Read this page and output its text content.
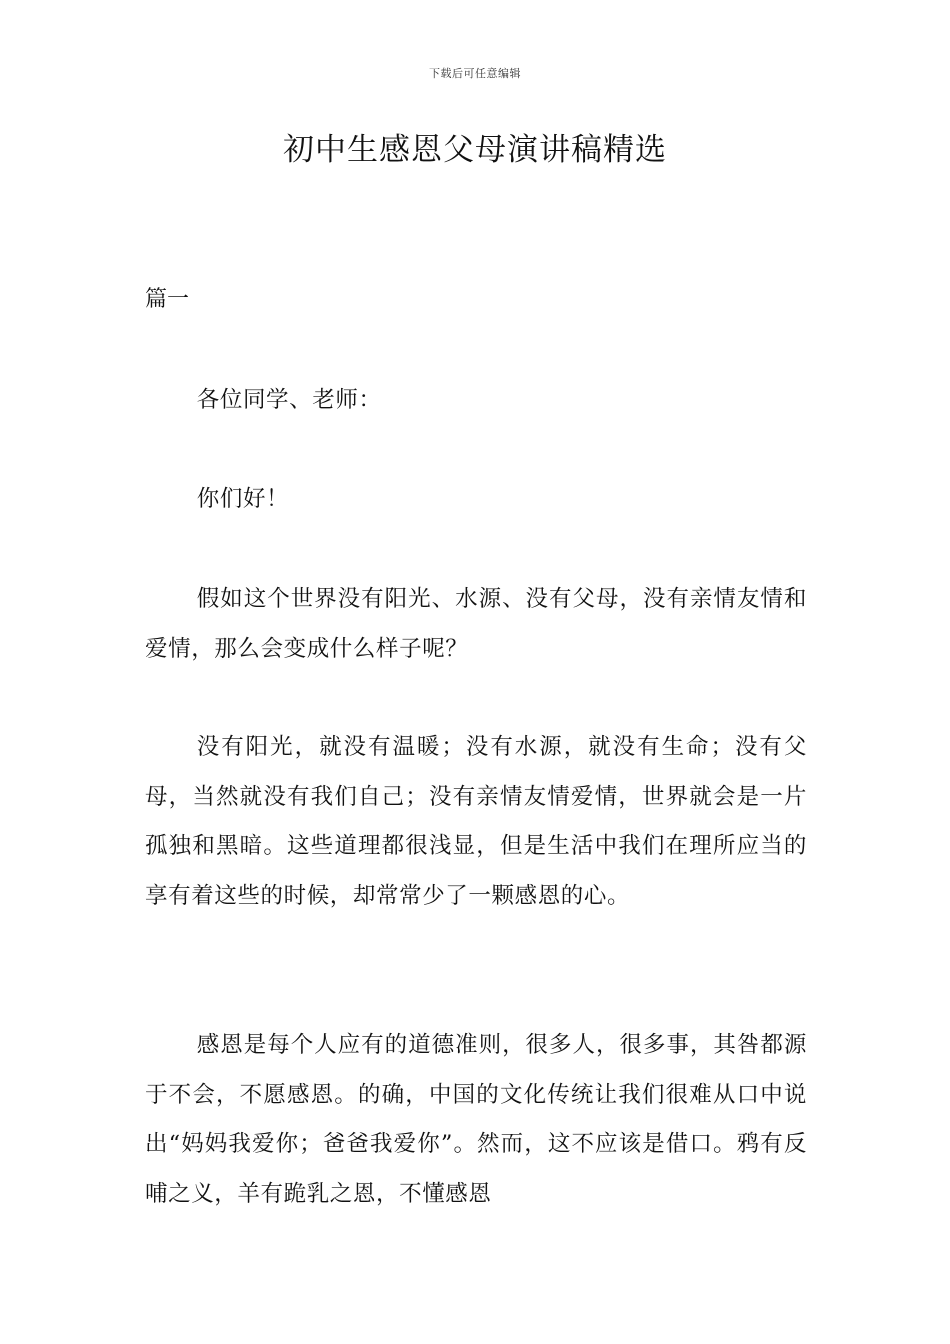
下载后可任意编辑
初中生感恩父母演讲稿精选
篇一

各位同学、老师：

你们好！

假如这个世界没有阳光、水源、没有父母，没有亲情友情和爱情，那么会变成什么样子呢？

没有阳光，就没有温暖；没有水源，就没有生命；没有父母，当然就没有我们自己；没有亲情友情爱情，世界就会是一片孤独和黑暗。这些道理都很浅显，但是生活中我们在理所应当的享有着这些的时候，却常常少了一颗感恩的心。

感恩是每个人应有的道德准则，很多人，很多事，其咎都源于不会，不愿感恩。的确，中国的文化传统让我们很难从口中说出“妈妈我爱你；爸爸我爱你”。然而，这不应该是借口。鸦有反哺之义，羊有跪乳之恩，不懂感恩
